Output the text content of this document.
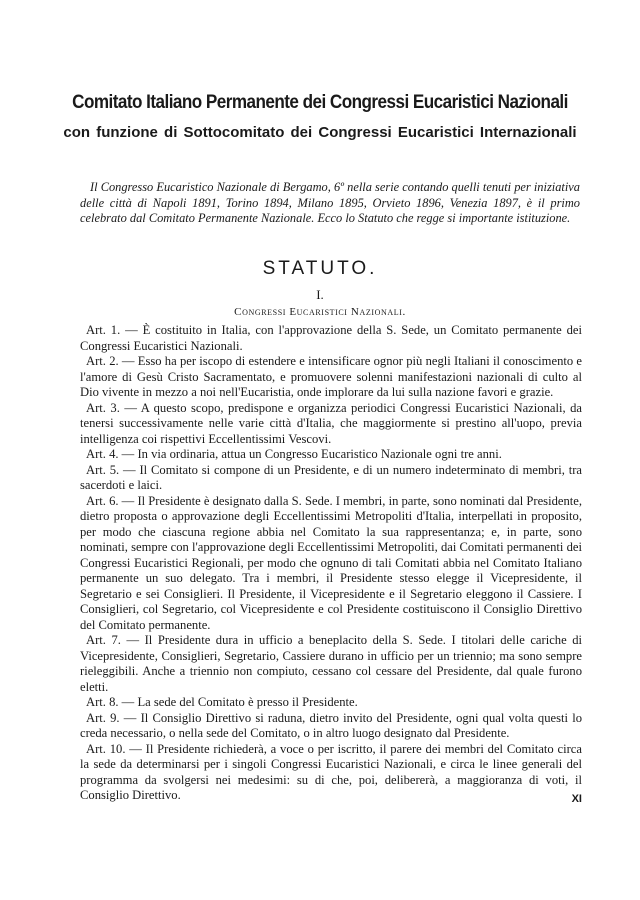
Comitato Italiano Permanente dei Congressi Eucaristici Nazionali
con funzione di Sottocomitato dei Congressi Eucaristici Internazionali
Il Congresso Eucaristico Nazionale di Bergamo, 6º nella serie contando quelli tenuti per iniziativa delle città di Napoli 1891, Torino 1894, Milano 1895, Orvieto 1896, Venezia 1897, è il primo celebrato dal Comitato Permanente Nazionale. Ecco lo Statuto che regge si importante istituzione.
STATUTO.
I.
Congressi Eucaristici Nazionali.

Art. 1. — È costituito in Italia, con l'approvazione della S. Sede, un Comitato permanente dei Congressi Eucaristici Nazionali.

Art. 2. — Esso ha per iscopo di estendere e intensificare ognor più negli Italiani il conoscimento e l'amore di Gesù Cristo Sacramentato, e promuovere solenni manifestazioni nazionali di culto al Dio vivente in mezzo a noi nell'Eucaristia, onde implorare da lui sulla nazione favori e grazie.

Art. 3. — A questo scopo, predispone e organizza periodici Congressi Eucaristici Nazionali, da tenersi successivamente nelle varie città d'Italia, che maggiormente si prestino all'uopo, previa intelligenza coi rispettivi Eccellentissimi Vescovi.

Art. 4. — In via ordinaria, attua un Congresso Eucaristico Nazionale ogni tre anni.

Art. 5. — Il Comitato si compone di un Presidente, e di un numero indeterminato di membri, tra sacerdoti e laici.

Art. 6. — Il Presidente è designato dalla S. Sede. I membri, in parte, sono nominati dal Presidente, dietro proposta o approvazione degli Eccellentissimi Metropoliti d'Italia, interpellati in proposito, per modo che ciascuna regione abbia nel Comitato la sua rappresentanza; e, in parte, sono nominati, sempre con l'approvazione degli Eccellentissimi Metropoliti, dai Comitati permanenti dei Congressi Eucaristici Regionali, per modo che ognuno di tali Comitati abbia nel Comitato Italiano permanente un suo delegato. Tra i membri, il Presidente stesso elegge il Vicepresidente, il Segretario e sei Consiglieri. Il Presidente, il Vicepresidente e il Segretario eleggono il Cassiere. I Consiglieri, col Segretario, col Vicepresidente e col Presidente costituiscono il Consiglio Direttivo del Comitato permanente.

Art. 7. — Il Presidente dura in ufficio a beneplacito della S. Sede. I titolari delle cariche di Vicepresidente, Consiglieri, Segretario, Cassiere durano in ufficio per un triennio; ma sono sempre rieleggibili. Anche a triennio non compiuto, cessano col cessare del Presidente, dal quale furono eletti.

Art. 8. — La sede del Comitato è presso il Presidente.

Art. 9. — Il Consiglio Direttivo si raduna, dietro invito del Presidente, ogni qual volta questi lo creda necessario, o nella sede del Comitato, o in altro luogo designato dal Presidente.

Art. 10. — Il Presidente richiederà, a voce o per iscritto, il parere dei membri del Comitato circa la sede da determinarsi per i singoli Congressi Eucaristici Nazionali, e circa le linee generali del programma da svolgersi nei medesimi: su di che, poi, delibererà, a maggioranza di voti, il Consiglio Direttivo.	XI
